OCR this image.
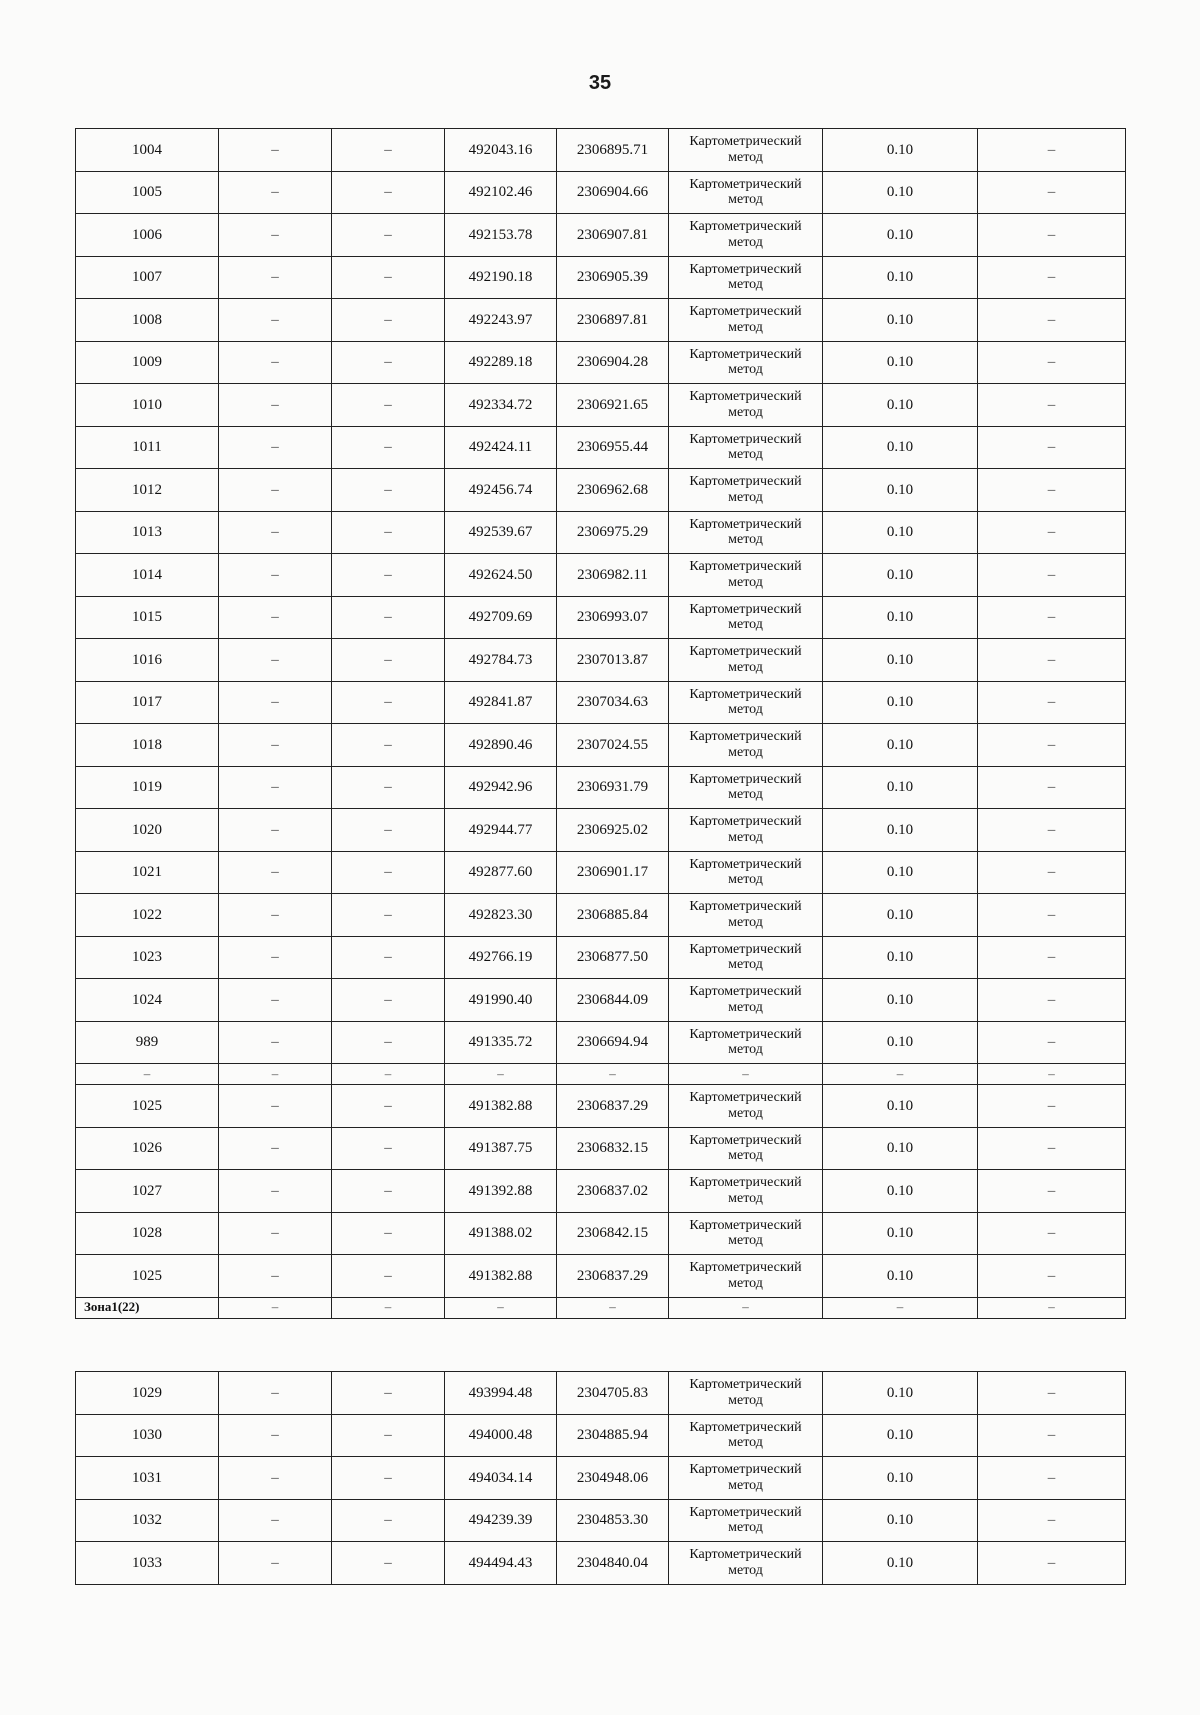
35
1004	–	–	492043.16	2306895.71	Картометрический метод	0.10	–
1005	–	–	492102.46	2306904.66	Картометрический метод	0.10	–
1006	–	–	492153.78	2306907.81	Картометрический метод	0.10	–
1007	–	–	492190.18	2306905.39	Картометрический метод	0.10	–
1008	–	–	492243.97	2306897.81	Картометрический метод	0.10	–
1009	–	–	492289.18	2306904.28	Картометрический метод	0.10	–
1010	–	–	492334.72	2306921.65	Картометрический метод	0.10	–
1011	–	–	492424.11	2306955.44	Картометрический метод	0.10	–
1012	–	–	492456.74	2306962.68	Картометрический метод	0.10	–
1013	–	–	492539.67	2306975.29	Картометрический метод	0.10	–
1014	–	–	492624.50	2306982.11	Картометрический метод	0.10	–
1015	–	–	492709.69	2306993.07	Картометрический метод	0.10	–
1016	–	–	492784.73	2307013.87	Картометрический метод	0.10	–
1017	–	–	492841.87	2307034.63	Картометрический метод	0.10	–
1018	–	–	492890.46	2307024.55	Картометрический метод	0.10	–
1019	–	–	492942.96	2306931.79	Картометрический метод	0.10	–
1020	–	–	492944.77	2306925.02	Картометрический метод	0.10	–
1021	–	–	492877.60	2306901.17	Картометрический метод	0.10	–
1022	–	–	492823.30	2306885.84	Картометрический метод	0.10	–
1023	–	–	492766.19	2306877.50	Картометрический метод	0.10	–
1024	–	–	491990.40	2306844.09	Картометрический метод	0.10	–
989	–	–	491335.72	2306694.94	Картометрический метод	0.10	–
–	–	–	–	–	–	–	–
1025	–	–	491382.88	2306837.29	Картометрический метод	0.10	–
1026	–	–	491387.75	2306832.15	Картометрический метод	0.10	–
1027	–	–	491392.88	2306837.02	Картометрический метод	0.10	–
1028	–	–	491388.02	2306842.15	Картометрический метод	0.10	–
1025	–	–	491382.88	2306837.29	Картометрический метод	0.10	–
Зона1(22)	–	–	–	–	–	–	–
1029	–	–	493994.48	2304705.83	Картометрический метод	0.10	–
1030	–	–	494000.48	2304885.94	Картометрический метод	0.10	–
1031	–	–	494034.14	2304948.06	Картометрический метод	0.10	–
1032	–	–	494239.39	2304853.30	Картометрический метод	0.10	–
1033	–	–	494494.43	2304840.04	Картометрический метод	0.10	–
